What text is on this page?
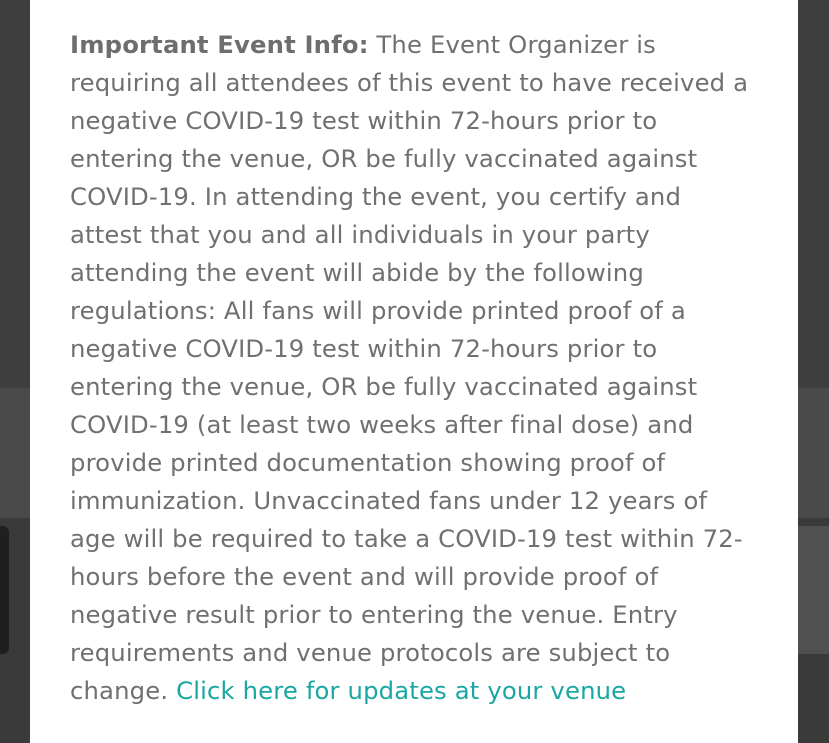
Important Event Info: The Event Organizer is requiring all attendees of this event to have received a negative COVID-19 test within 72-hours prior to entering the venue, OR be fully vaccinated against COVID-19. In attending the event, you certify and attest that you and all individuals in your party attending the event will abide by the following regulations: All fans will provide printed proof of a negative COVID-19 test within 72-hours prior to entering the venue, OR be fully vaccinated against COVID-19 (at least two weeks after final dose) and provide printed documentation showing proof of immunization. Unvaccinated fans under 12 years of age will be required to take a COVID-19 test within 72-hours before the event and will provide proof of negative result prior to entering the venue. Entry requirements and venue protocols are subject to change. Click here for updates at your venue
